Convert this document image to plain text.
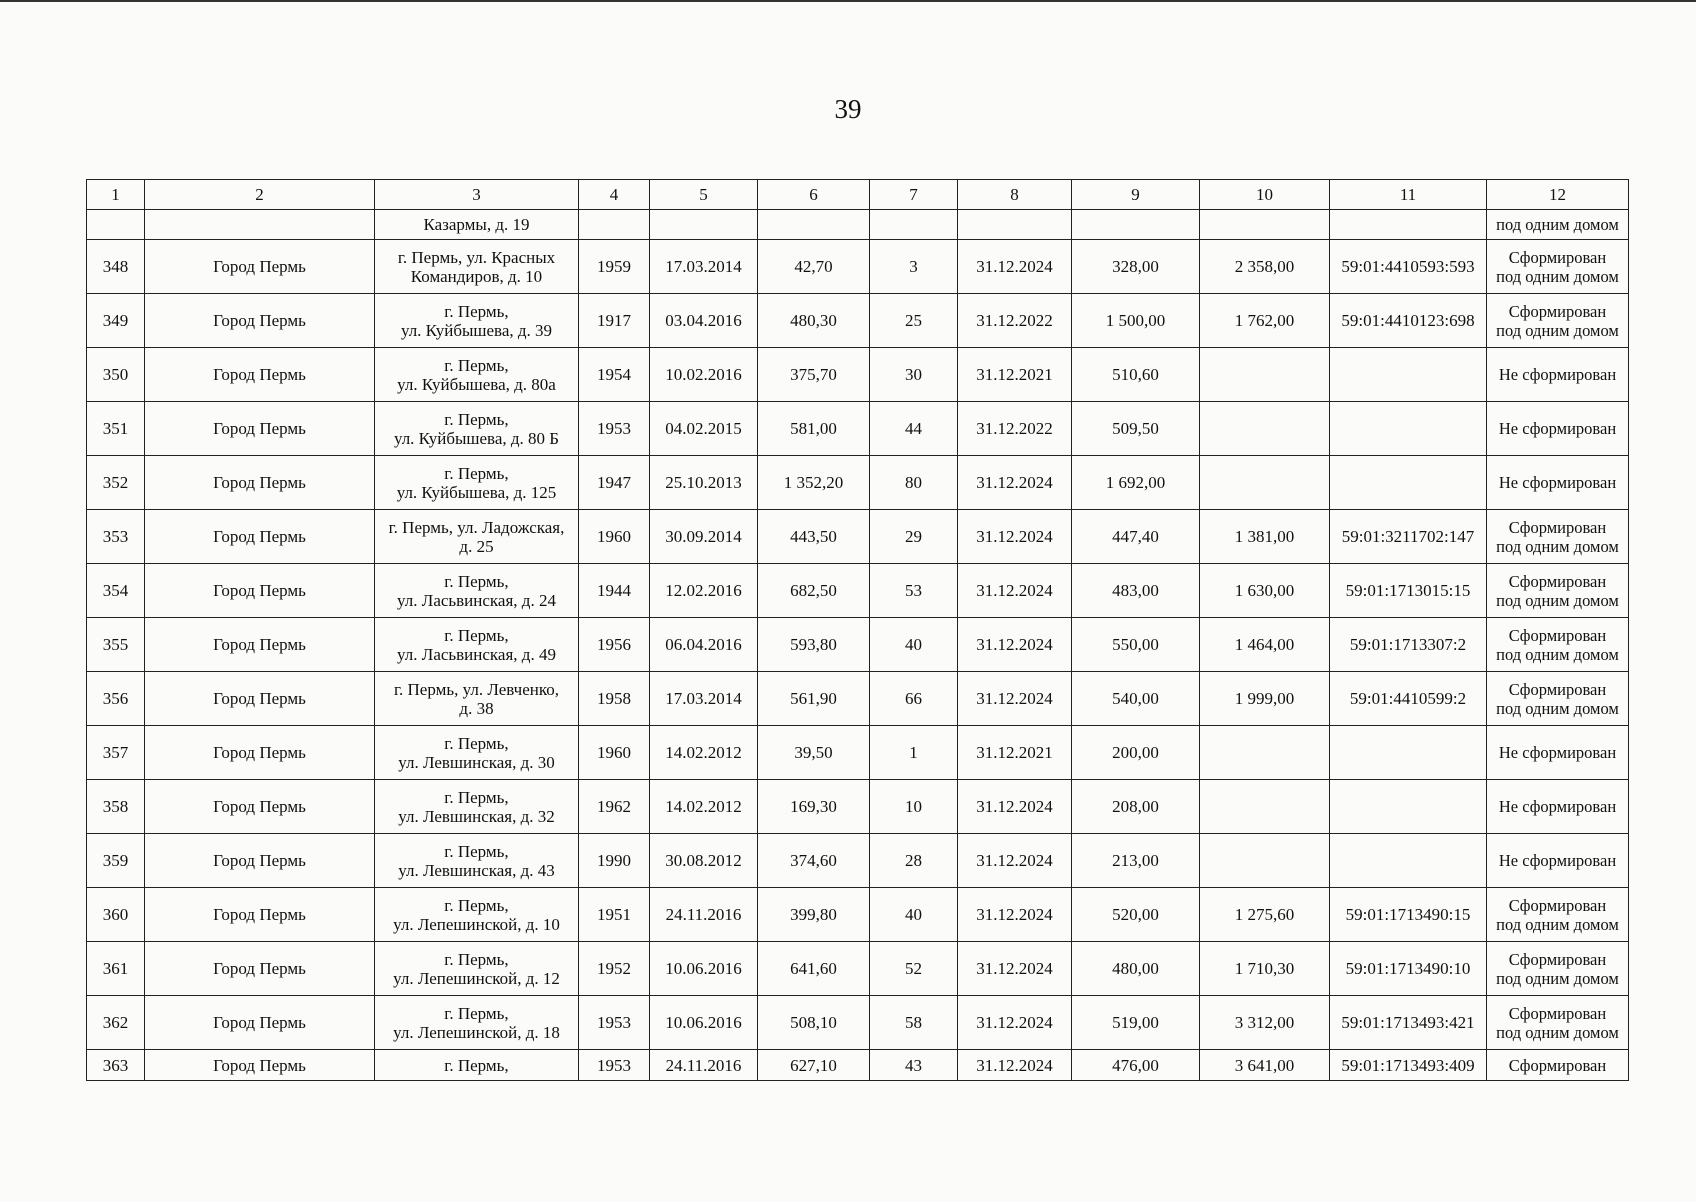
39
1	2	3	4	5	6	7	8	9	10	11	12
		Казармы, д. 19									под одним домом
348	Город Пермь	г. Пермь, ул. Красных
Командиров, д. 10	1959	17.03.2014	42,70	3	31.12.2024	328,00	2 358,00	59:01:4410593:593	Сформирован
под одним домом
349	Город Пермь	г. Пермь,
ул. Куйбышева, д. 39	1917	03.04.2016	480,30	25	31.12.2022	1 500,00	1 762,00	59:01:4410123:698	Сформирован
под одним домом
350	Город Пермь	г. Пермь,
ул. Куйбышева, д. 80а	1954	10.02.2016	375,70	30	31.12.2021	510,60			Не сформирован
351	Город Пермь	г. Пермь,
ул. Куйбышева, д. 80 Б	1953	04.02.2015	581,00	44	31.12.2022	509,50			Не сформирован
352	Город Пермь	г. Пермь,
ул. Куйбышева, д. 125	1947	25.10.2013	1 352,20	80	31.12.2024	1 692,00			Не сформирован
353	Город Пермь	г. Пермь, ул. Ладожская,
д. 25	1960	30.09.2014	443,50	29	31.12.2024	447,40	1 381,00	59:01:3211702:147	Сформирован
под одним домом
354	Город Пермь	г. Пермь,
ул. Ласьвинская, д. 24	1944	12.02.2016	682,50	53	31.12.2024	483,00	1 630,00	59:01:1713015:15	Сформирован
под одним домом
355	Город Пермь	г. Пермь,
ул. Ласьвинская, д. 49	1956	06.04.2016	593,80	40	31.12.2024	550,00	1 464,00	59:01:1713307:2	Сформирован
под одним домом
356	Город Пермь	г. Пермь, ул. Левченко,
д. 38	1958	17.03.2014	561,90	66	31.12.2024	540,00	1 999,00	59:01:4410599:2	Сформирован
под одним домом
357	Город Пермь	г. Пермь,
ул. Левшинская, д. 30	1960	14.02.2012	39,50	1	31.12.2021	200,00			Не сформирован
358	Город Пермь	г. Пермь,
ул. Левшинская, д. 32	1962	14.02.2012	169,30	10	31.12.2024	208,00			Не сформирован
359	Город Пермь	г. Пермь,
ул. Левшинская, д. 43	1990	30.08.2012	374,60	28	31.12.2024	213,00			Не сформирован
360	Город Пермь	г. Пермь,
ул. Лепешинской, д. 10	1951	24.11.2016	399,80	40	31.12.2024	520,00	1 275,60	59:01:1713490:15	Сформирован
под одним домом
361	Город Пермь	г. Пермь,
ул. Лепешинской, д. 12	1952	10.06.2016	641,60	52	31.12.2024	480,00	1 710,30	59:01:1713490:10	Сформирован
под одним домом
362	Город Пермь	г. Пермь,
ул. Лепешинской, д. 18	1953	10.06.2016	508,10	58	31.12.2024	519,00	3 312,00	59:01:1713493:421	Сформирован
под одним домом
363	Город Пермь	г. Пермь,	1953	24.11.2016	627,10	43	31.12.2024	476,00	3 641,00	59:01:1713493:409	Сформирован
